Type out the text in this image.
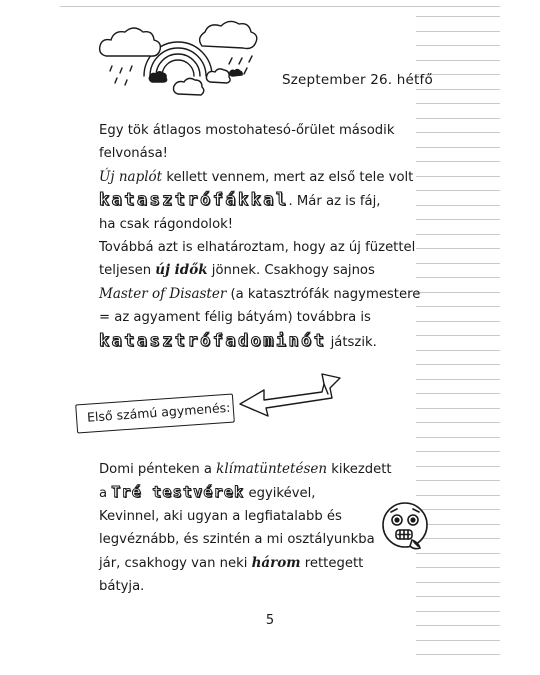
Szeptember 26. hétfő
Egy tök átlagos mostohatesó-őrület második
felvonása!
Új naplót kellett vennem, mert az első tele volt
katasztrófákkal. Már az is fáj,
ha csak rágondolok!
Továbbá azt is elhatároztam, hogy az új füzettel
teljesen új idők jönnek. Csakhogy sajnos
Master of Disaster (a katasztrófák nagymestere
= az agyament félig bátyám) továbbra is
katasztrófadominót játszik.
Első számú agymenés:
Domi pénteken a klímatüntetésen kikezdett
a Tré testvérek egyikével,
Kevinnel, aki ugyan a legfiatalabb és
legvéznább, és szintén a mi osztályunkba
jár, csakhogy van neki három rettegett
bátyja.
5
